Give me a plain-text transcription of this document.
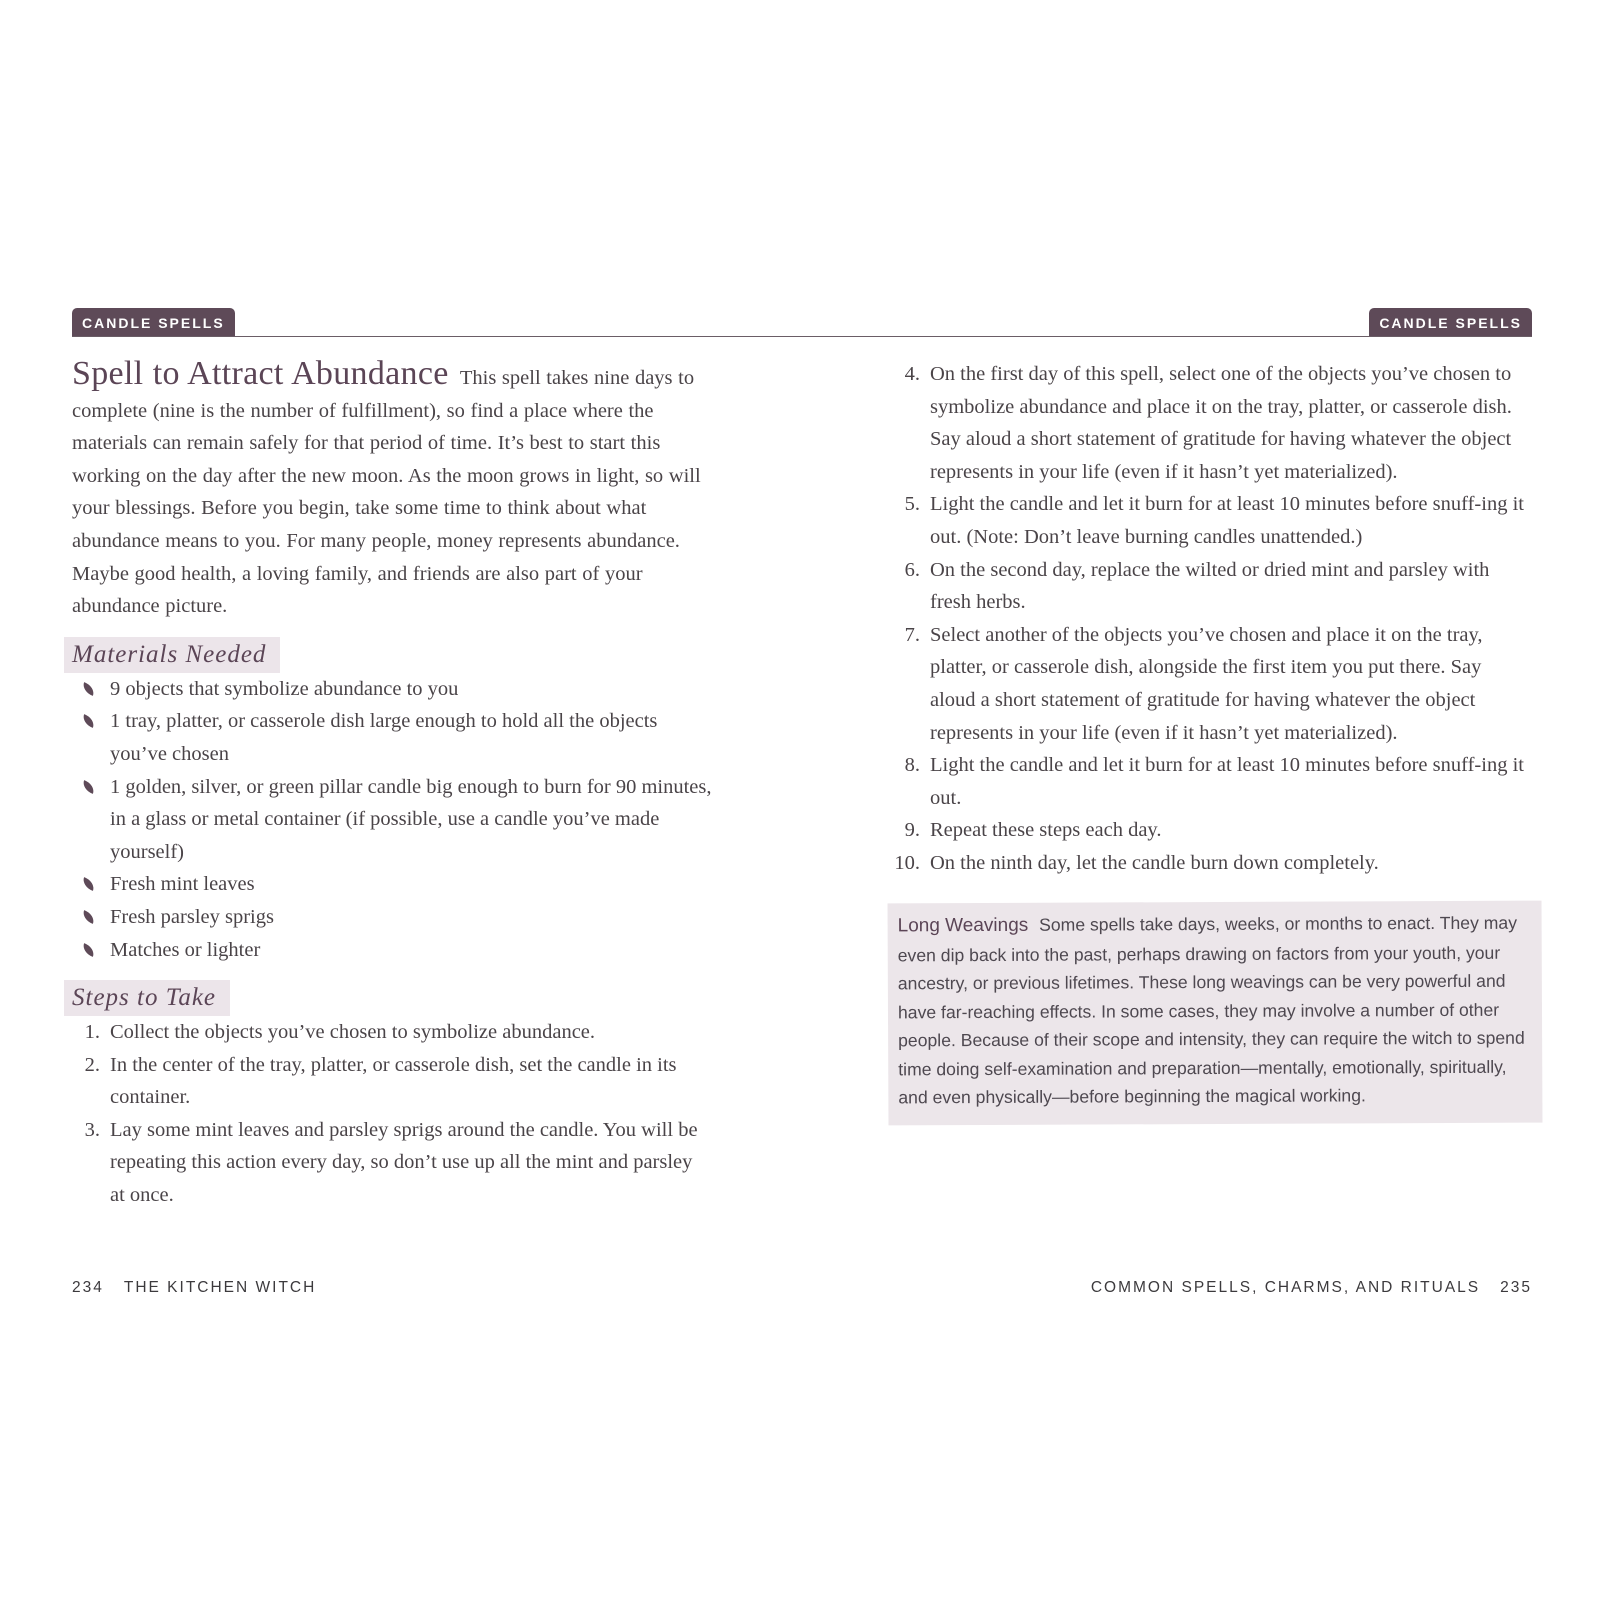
CANDLE SPELLS	CANDLE SPELLS

Spell to Attract Abundance This spell takes nine days to complete (nine is the number of fulfillment), so find a place where the materials can remain safely for that period of time. It’s best to start this working on the day after the new moon. As the moon grows in light, so will your blessings. Before you begin, take some time to think about what abundance means to you. For many people, money represents abundance. Maybe good health, a loving family, and friends are also part of your abundance picture.

Materials Needed
9 objects that symbolize abundance to you
1 tray, platter, or casserole dish large enough to hold all the objects you’ve chosen
1 golden, silver, or green pillar candle big enough to burn for 90 minutes, in a glass or metal container (if possible, use a candle you’ve made yourself)
Fresh mint leaves
Fresh parsley sprigs
Matches or lighter
Steps to Take
1. Collect the objects you’ve chosen to symbolize abundance.
2. In the center of the tray, platter, or casserole dish, set the candle in its container.
3. Lay some mint leaves and parsley sprigs around the candle. You will be repeating this action every day, so don’t use up all the mint and parsley at once.
4. On the first day of this spell, select one of the objects you’ve chosen to symbolize abundance and place it on the tray, platter, or casserole dish. Say aloud a short statement of gratitude for having whatever the object represents in your life (even if it hasn’t yet materialized).
5. Light the candle and let it burn for at least 10 minutes before snuff-ing it out. (Note: Don’t leave burning candles unattended.)
6. On the second day, replace the wilted or dried mint and parsley with fresh herbs.
7. Select another of the objects you’ve chosen and place it on the tray, platter, or casserole dish, alongside the first item you put there. Say aloud a short statement of gratitude for having whatever the object represents in your life (even if it hasn’t yet materialized).
8. Light the candle and let it burn for at least 10 minutes before snuff-ing it out.
9. Repeat these steps each day.
10. On the ninth day, let the candle burn down completely.
Long Weavings Some spells take days, weeks, or months to enact. They may even dip back into the past, perhaps drawing on factors from your youth, your ancestry, or previous lifetimes. These long weavings can be very powerful and have far-reaching effects. In some cases, they may involve a number of other people. Because of their scope and intensity, they can require the witch to spend time doing self-examination and preparation—mentally, emotionally, spiritually, and even physically—before beginning the magical working.
234 THE KITCHEN WITCH	COMMON SPELLS, CHARMS, AND RITUALS 235
